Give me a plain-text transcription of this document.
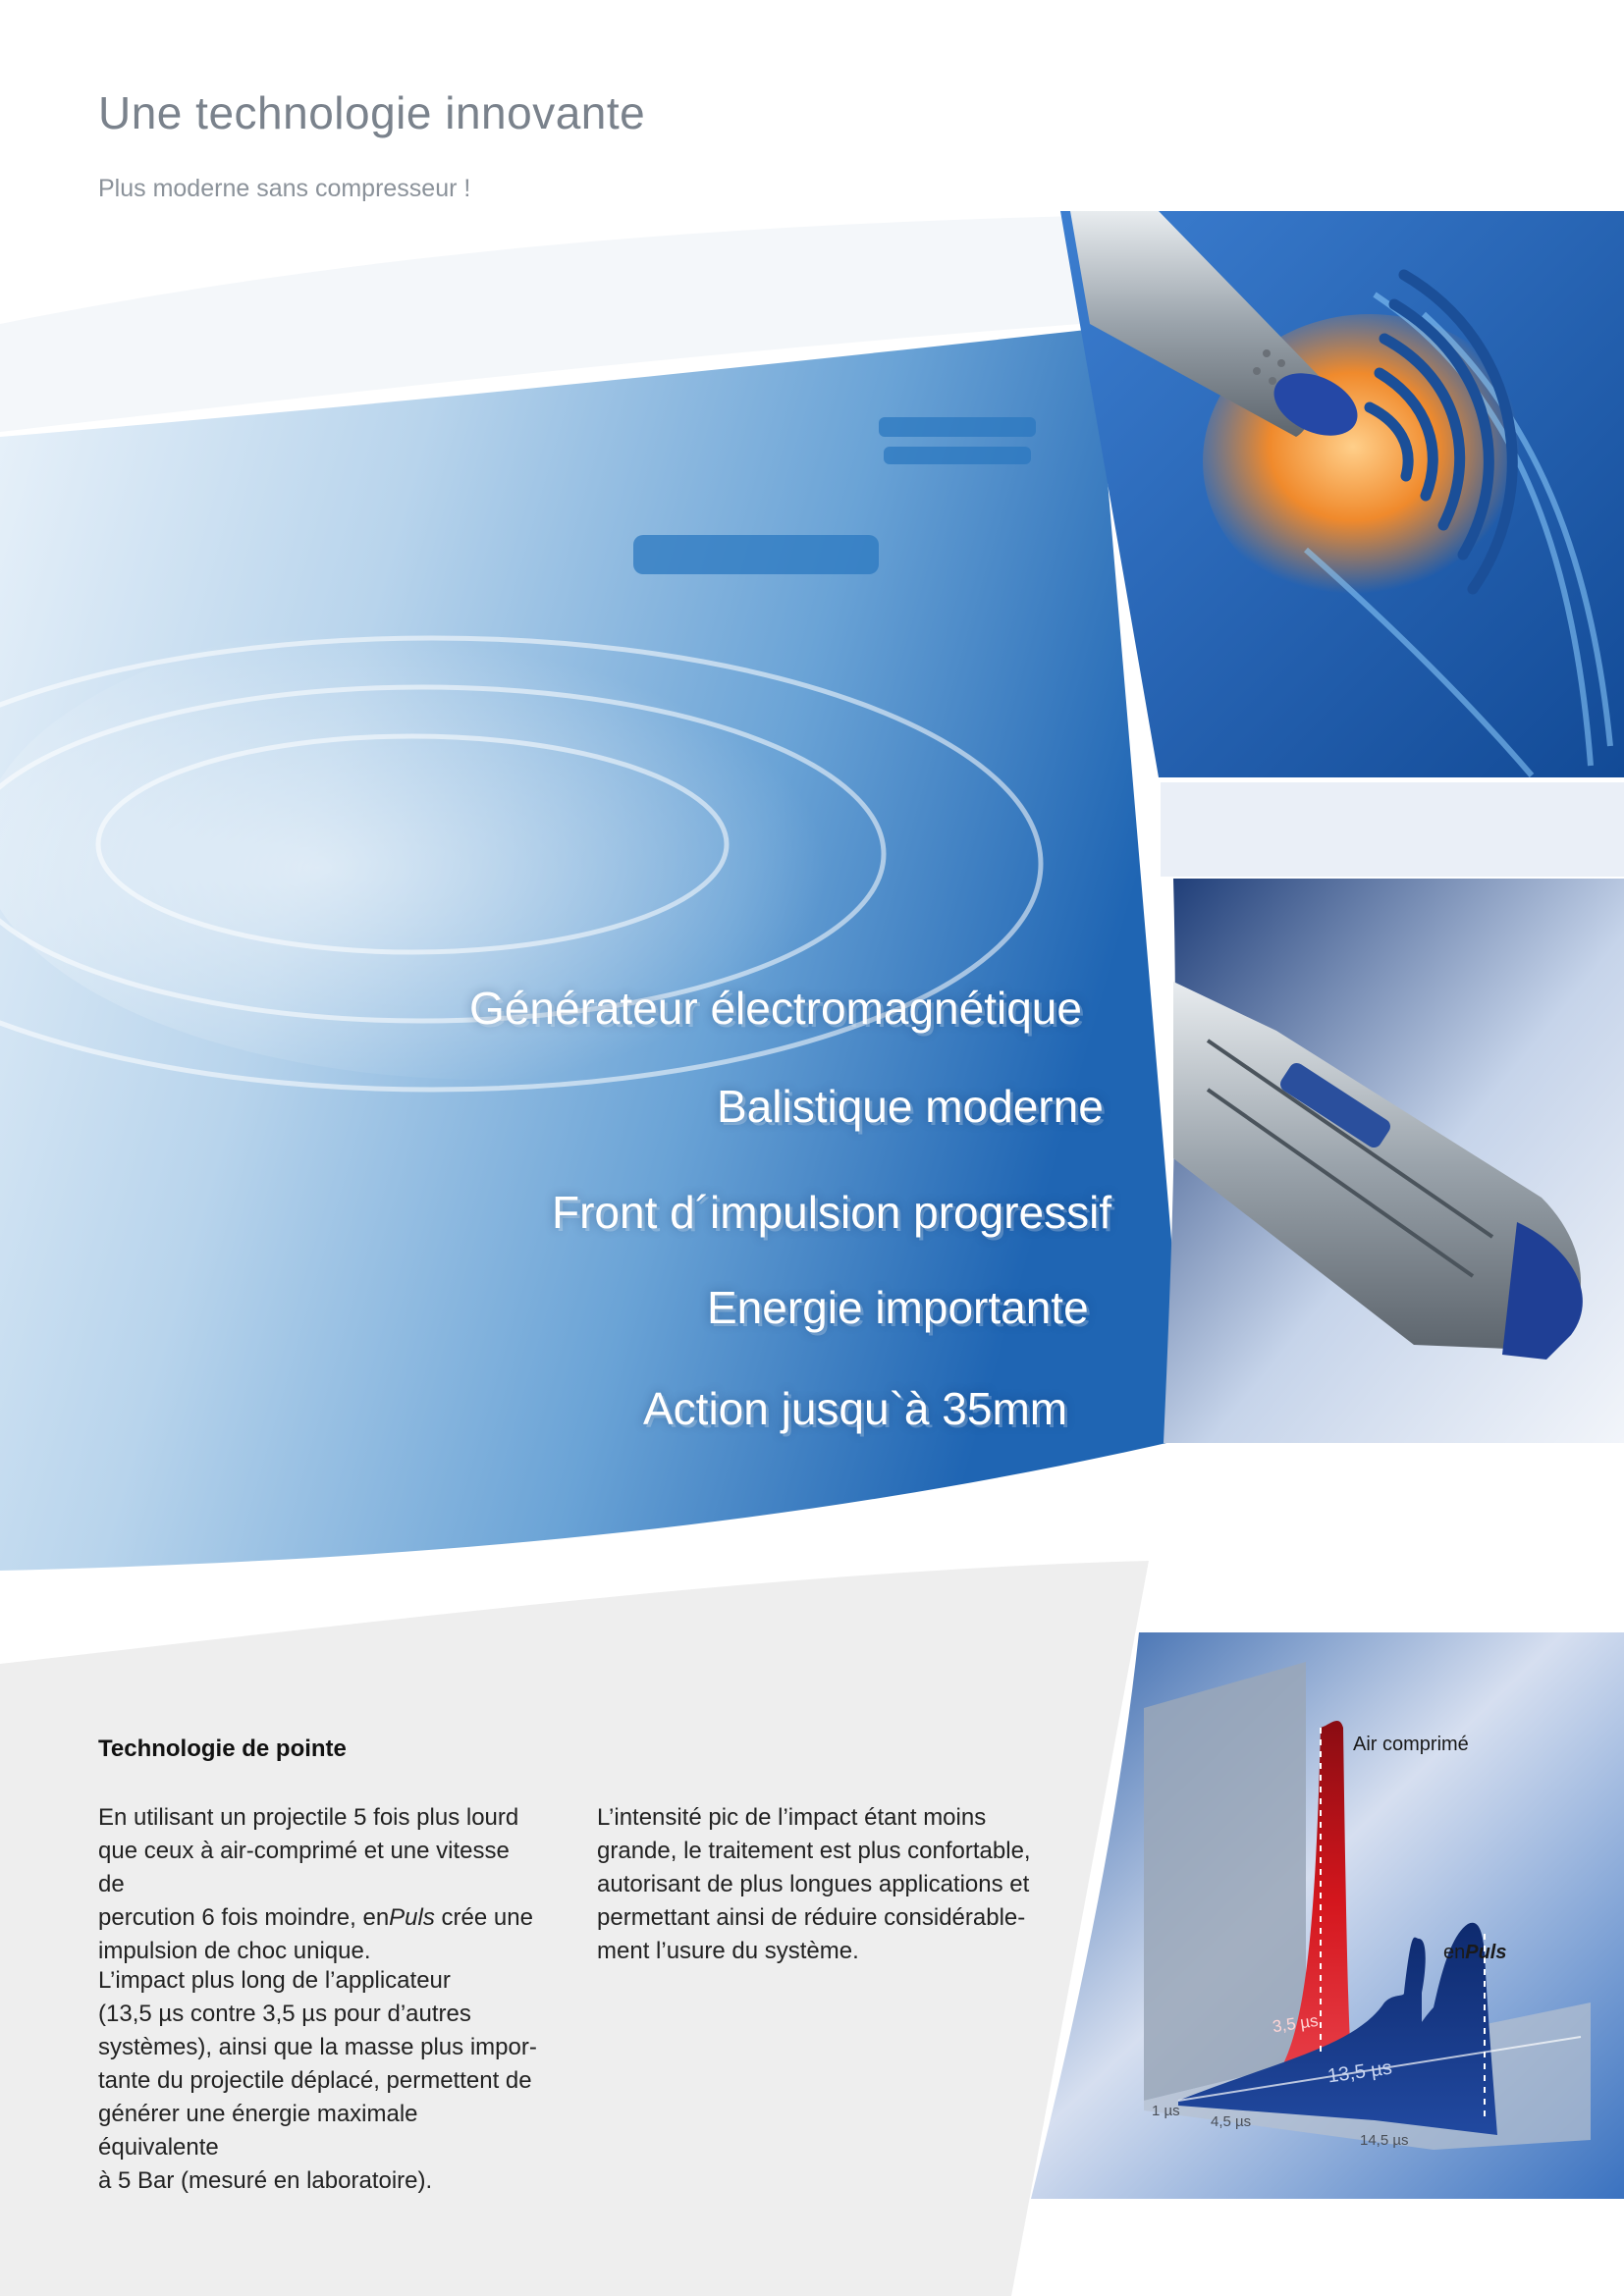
Une technologie innovante
Plus moderne sans compresseur !
Générateur électromagnétique
Balistique moderne
Front d´impulsion progressif
Energie importante
Action jusqu`à 35mm
Technologie de pointe
En utilisant un projectile 5 fois plus lourd
que ceux à air-comprimé et une vitesse de
percution 6 fois moindre, enPuls crée une
impulsion de choc unique.
L’impact plus long de l’applicateur
(13,5 µs contre 3,5 µs pour d’autres
systèmes), ainsi que la masse plus impor-
tante du projectile déplacé, permettent de
générer une énergie maximale équivalente
à 5 Bar (mesuré en laboratoire).
L’intensité pic de l’impact étant moins
grande, le traitement est plus confortable,
autorisant de plus longues applications et
permettant ainsi de réduire considérable-
ment l’usure du système.
Air comprimé
enPuls
3,5 µs
13,5 µs
1 µs
4,5 µs
14,5 µs
